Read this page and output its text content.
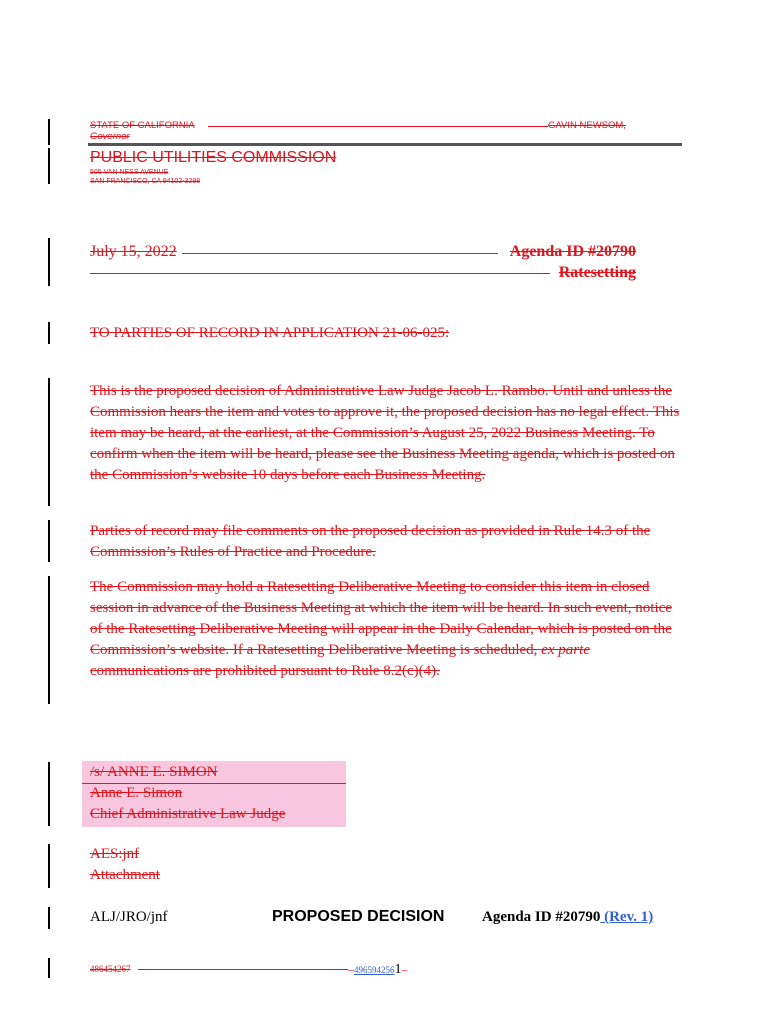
STATE OF CALIFORNIA	GAVIN NEWSOM,
Governor
PUBLIC UTILITIES COMMISSION
505 VAN NESS AVENUE
SAN FRANCISCO, CA 94102-3298
July 15, 2022	Agenda ID #20790
Ratesetting
TO PARTIES OF RECORD IN APPLICATION 21-06-025:

This is the proposed decision of Administrative Law Judge Jacob L. Rambo. Until and unless the Commission hears the item and votes to approve it, the proposed decision has no legal effect. This item may be heard, at the earliest, at the Commission’s August 25, 2022 Business Meeting. To confirm when the item will be heard, please see the Business Meeting agenda, which is posted on the Commission’s website 10 days before each Business Meeting.

Parties of record may file comments on the proposed decision as provided in Rule 14.3 of the Commission’s Rules of Practice and Procedure.

The Commission may hold a Ratesetting Deliberative Meeting to consider this item in closed session in advance of the Business Meeting at which the item will be heard. In such event, notice of the Ratesetting Deliberative Meeting will appear in the Daily Calendar, which is posted on the Commission’s website. If a Ratesetting Deliberative Meeting is scheduled, ex parte communications are prohibited pursuant to Rule 8.2(c)(4).

/s/ ANNE E. SIMON
Anne E. Simon
Chief Administrative Law Judge
AES:jnf
Attachment
ALJ/JRO/jnf	PROPOSED DECISION	Agenda ID #20790 (Rev. 1)
486454267	–4965942561–
